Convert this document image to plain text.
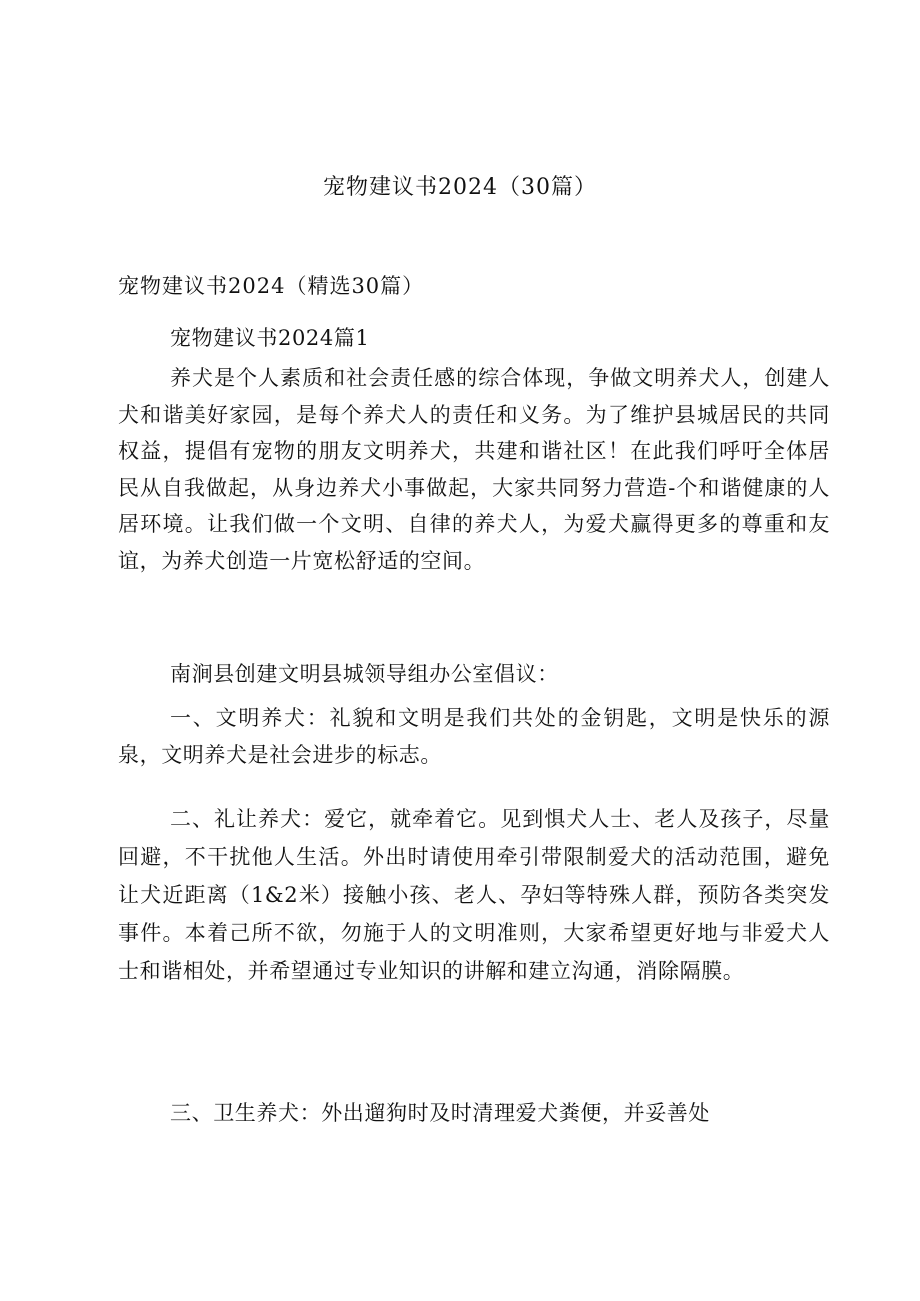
宠物建议书2024（30篇）
宠物建议书2024（精选30篇）
宠物建议书2024篇1
养犬是个人素质和社会责任感的综合体现，争做文明养犬人，创建人犬和谐美好家园，是每个养犬人的责任和义务。为了维护县城居民的共同权益，提倡有宠物的朋友文明养犬，共建和谐社区！在此我们呼吁全体居民从自我做起，从身边养犬小事做起，大家共同努力营造-个和谐健康的人居环境。让我们做一个文明、自律的养犬人，为爱犬赢得更多的尊重和友谊，为养犬创造一片宽松舒适的空间。
南涧县创建文明县城领导组办公室倡议：
一、文明养犬：礼貌和文明是我们共处的金钥匙，文明是快乐的源泉，文明养犬是社会进步的标志。
二、礼让养犬：爱它，就牵着它。见到惧犬人士、老人及孩子，尽量回避，不干扰他人生活。外出时请使用牵引带限制爱犬的活动范围，避免让犬近距离（1&2米）接触小孩、老人、孕妇等特殊人群，预防各类突发事件。本着己所不欲，勿施于人的文明准则，大家希望更好地与非爱犬人士和谐相处，并希望通过专业知识的讲解和建立沟通，消除隔膜。
三、卫生养犬：外出遛狗时及时清理爱犬粪便，并妥善处
